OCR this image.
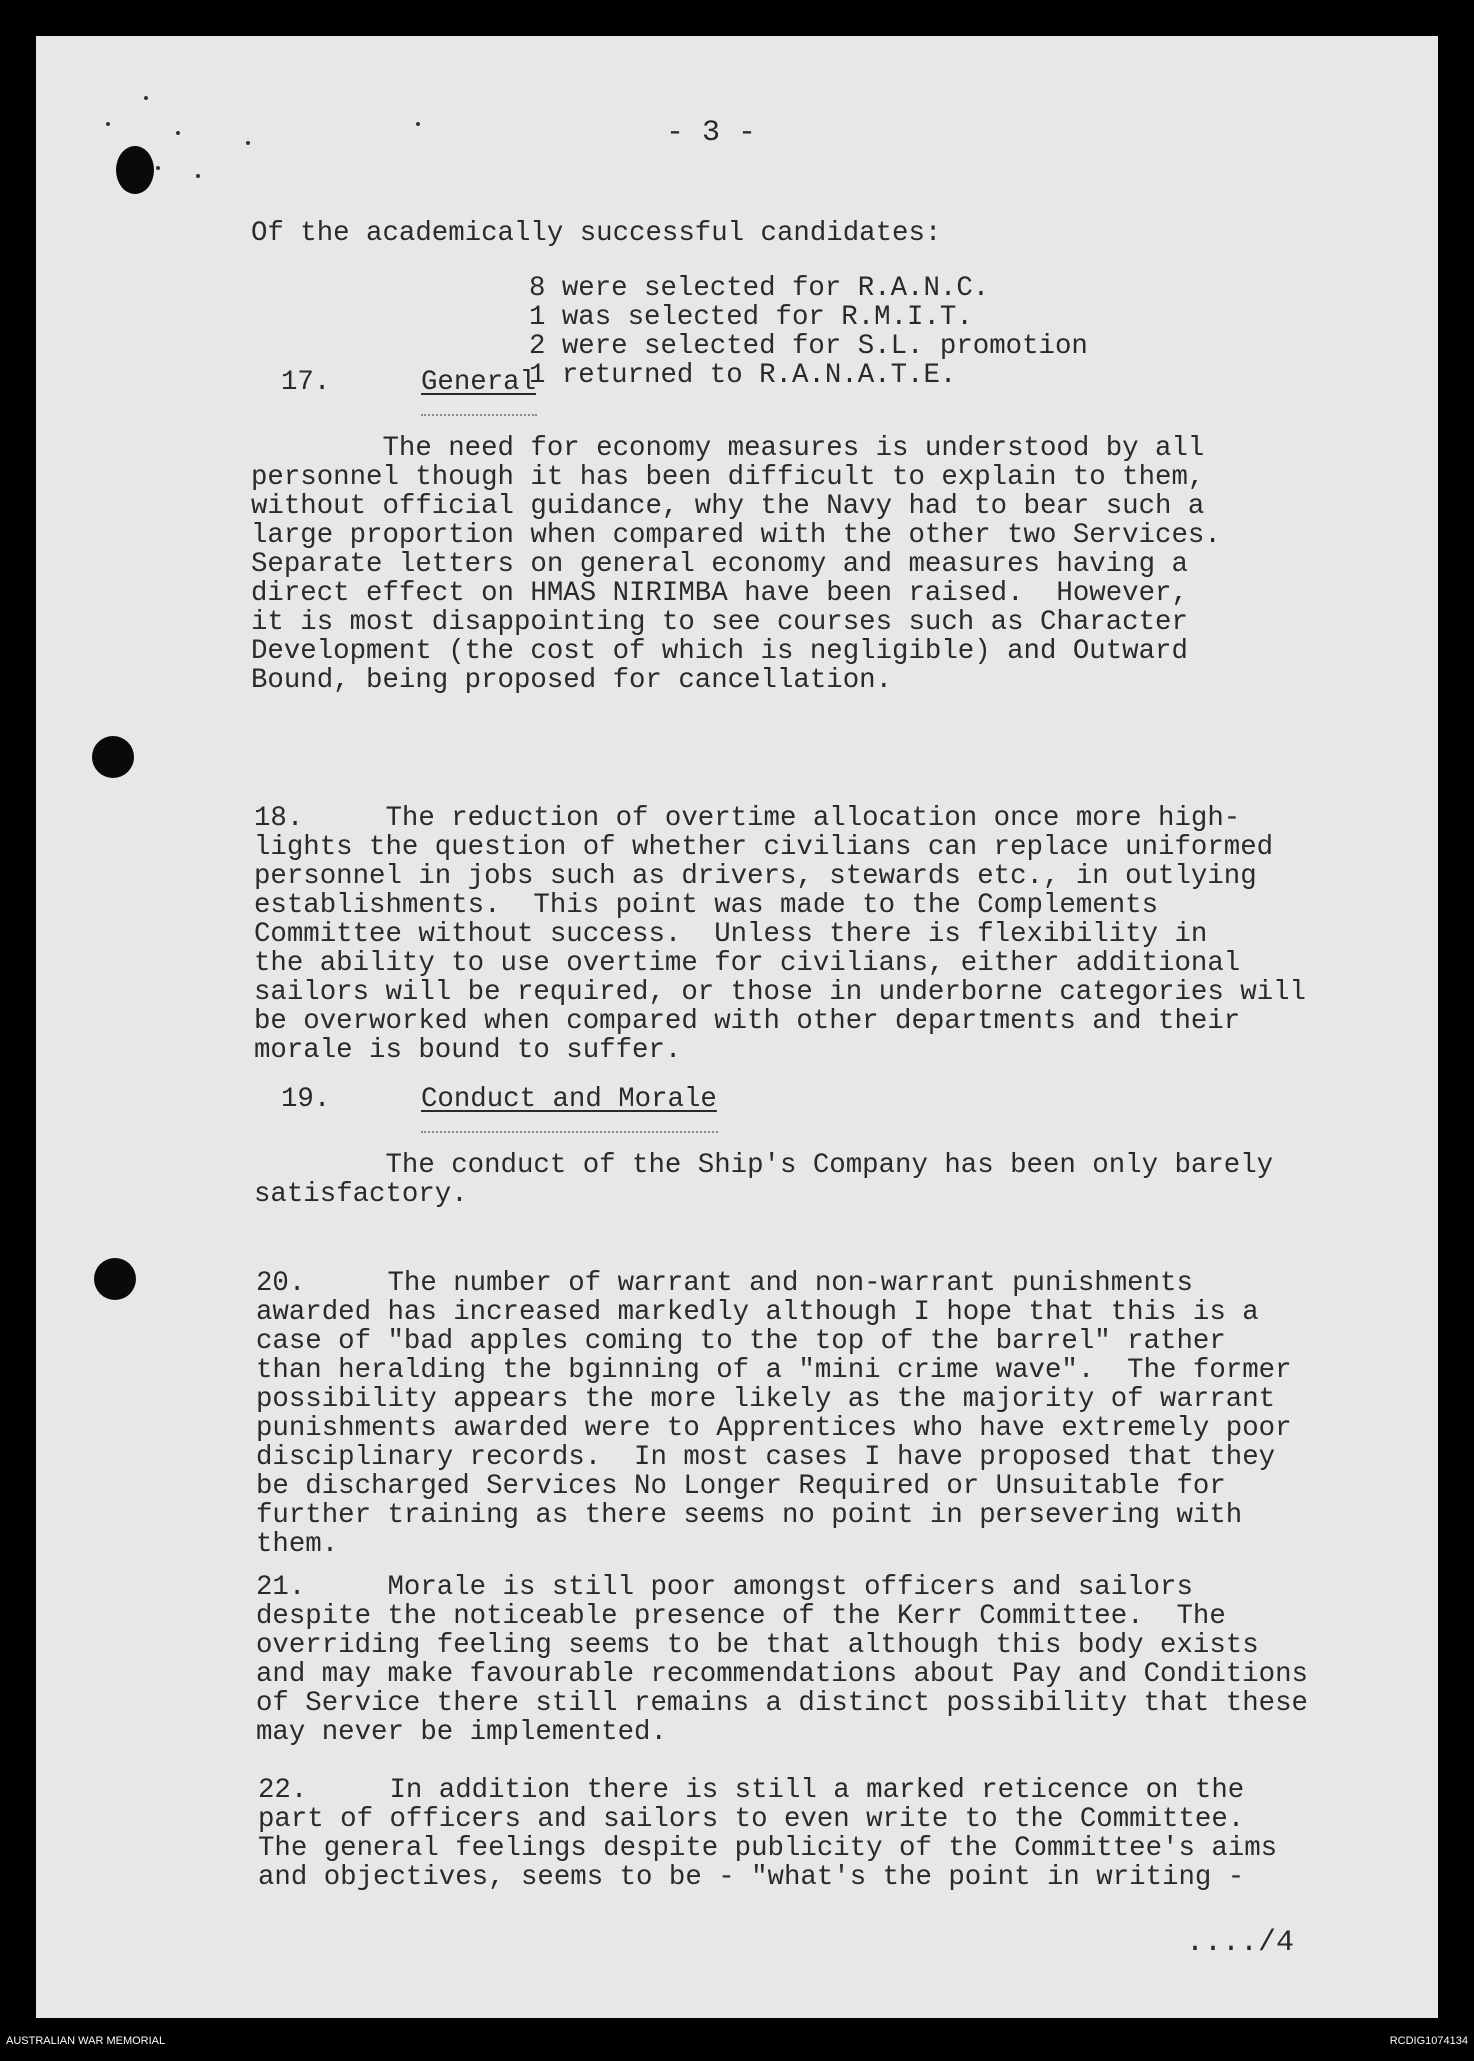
- 3 -
Of the academically successful candidates:
8 were selected for R.A.N.C.
1 was selected for R.M.I.T.
2 were selected for S.L. promotion
1 returned to R.A.N.A.T.E.
17.	General
The need for economy measures is understood by all
personnel though it has been difficult to explain to them,
without official guidance, why the Navy had to bear such a
large proportion when compared with the other two Services.
Separate letters on general economy and measures having a
direct effect on HMAS NIRIMBA have been raised.  However,
it is most disappointing to see courses such as Character
Development (the cost of which is negligible) and Outward
Bound, being proposed for cancellation.
18.     The reduction of overtime allocation once more high-
lights the question of whether civilians can replace uniformed
personnel in jobs such as drivers, stewards etc., in outlying
establishments.  This point was made to the Complements
Committee without success.  Unless there is flexibility in
the ability to use overtime for civilians, either additional
sailors will be required, or those in underborne categories will
be overworked when compared with other departments and their
morale is bound to suffer.
19.	Conduct and Morale
The conduct of the Ship's Company has been only barely
satisfactory.
20.     The number of warrant and non-warrant punishments
awarded has increased markedly although I hope that this is a
case of "bad apples coming to the top of the barrel" rather
than heralding the bginning of a "mini crime wave".  The former
possibility appears the more likely as the majority of warrant
punishments awarded were to Apprentices who have extremely poor
disciplinary records.  In most cases I have proposed that they
be discharged Services No Longer Required or Unsuitable for
further training as there seems no point in persevering with
them.
21.     Morale is still poor amongst officers and sailors
despite the noticeable presence of the Kerr Committee.  The
overriding feeling seems to be that although this body exists
and may make favourable recommendations about Pay and Conditions
of Service there still remains a distinct possibility that these
may never be implemented.
22.     In addition there is still a marked reticence on the
part of officers and sailors to even write to the Committee.
The general feelings despite publicity of the Committee's aims
and objectives, seems to be - "what's the point in writing -
..../4
AUSTRALIAN WAR MEMORIAL	RCDIG1074134
